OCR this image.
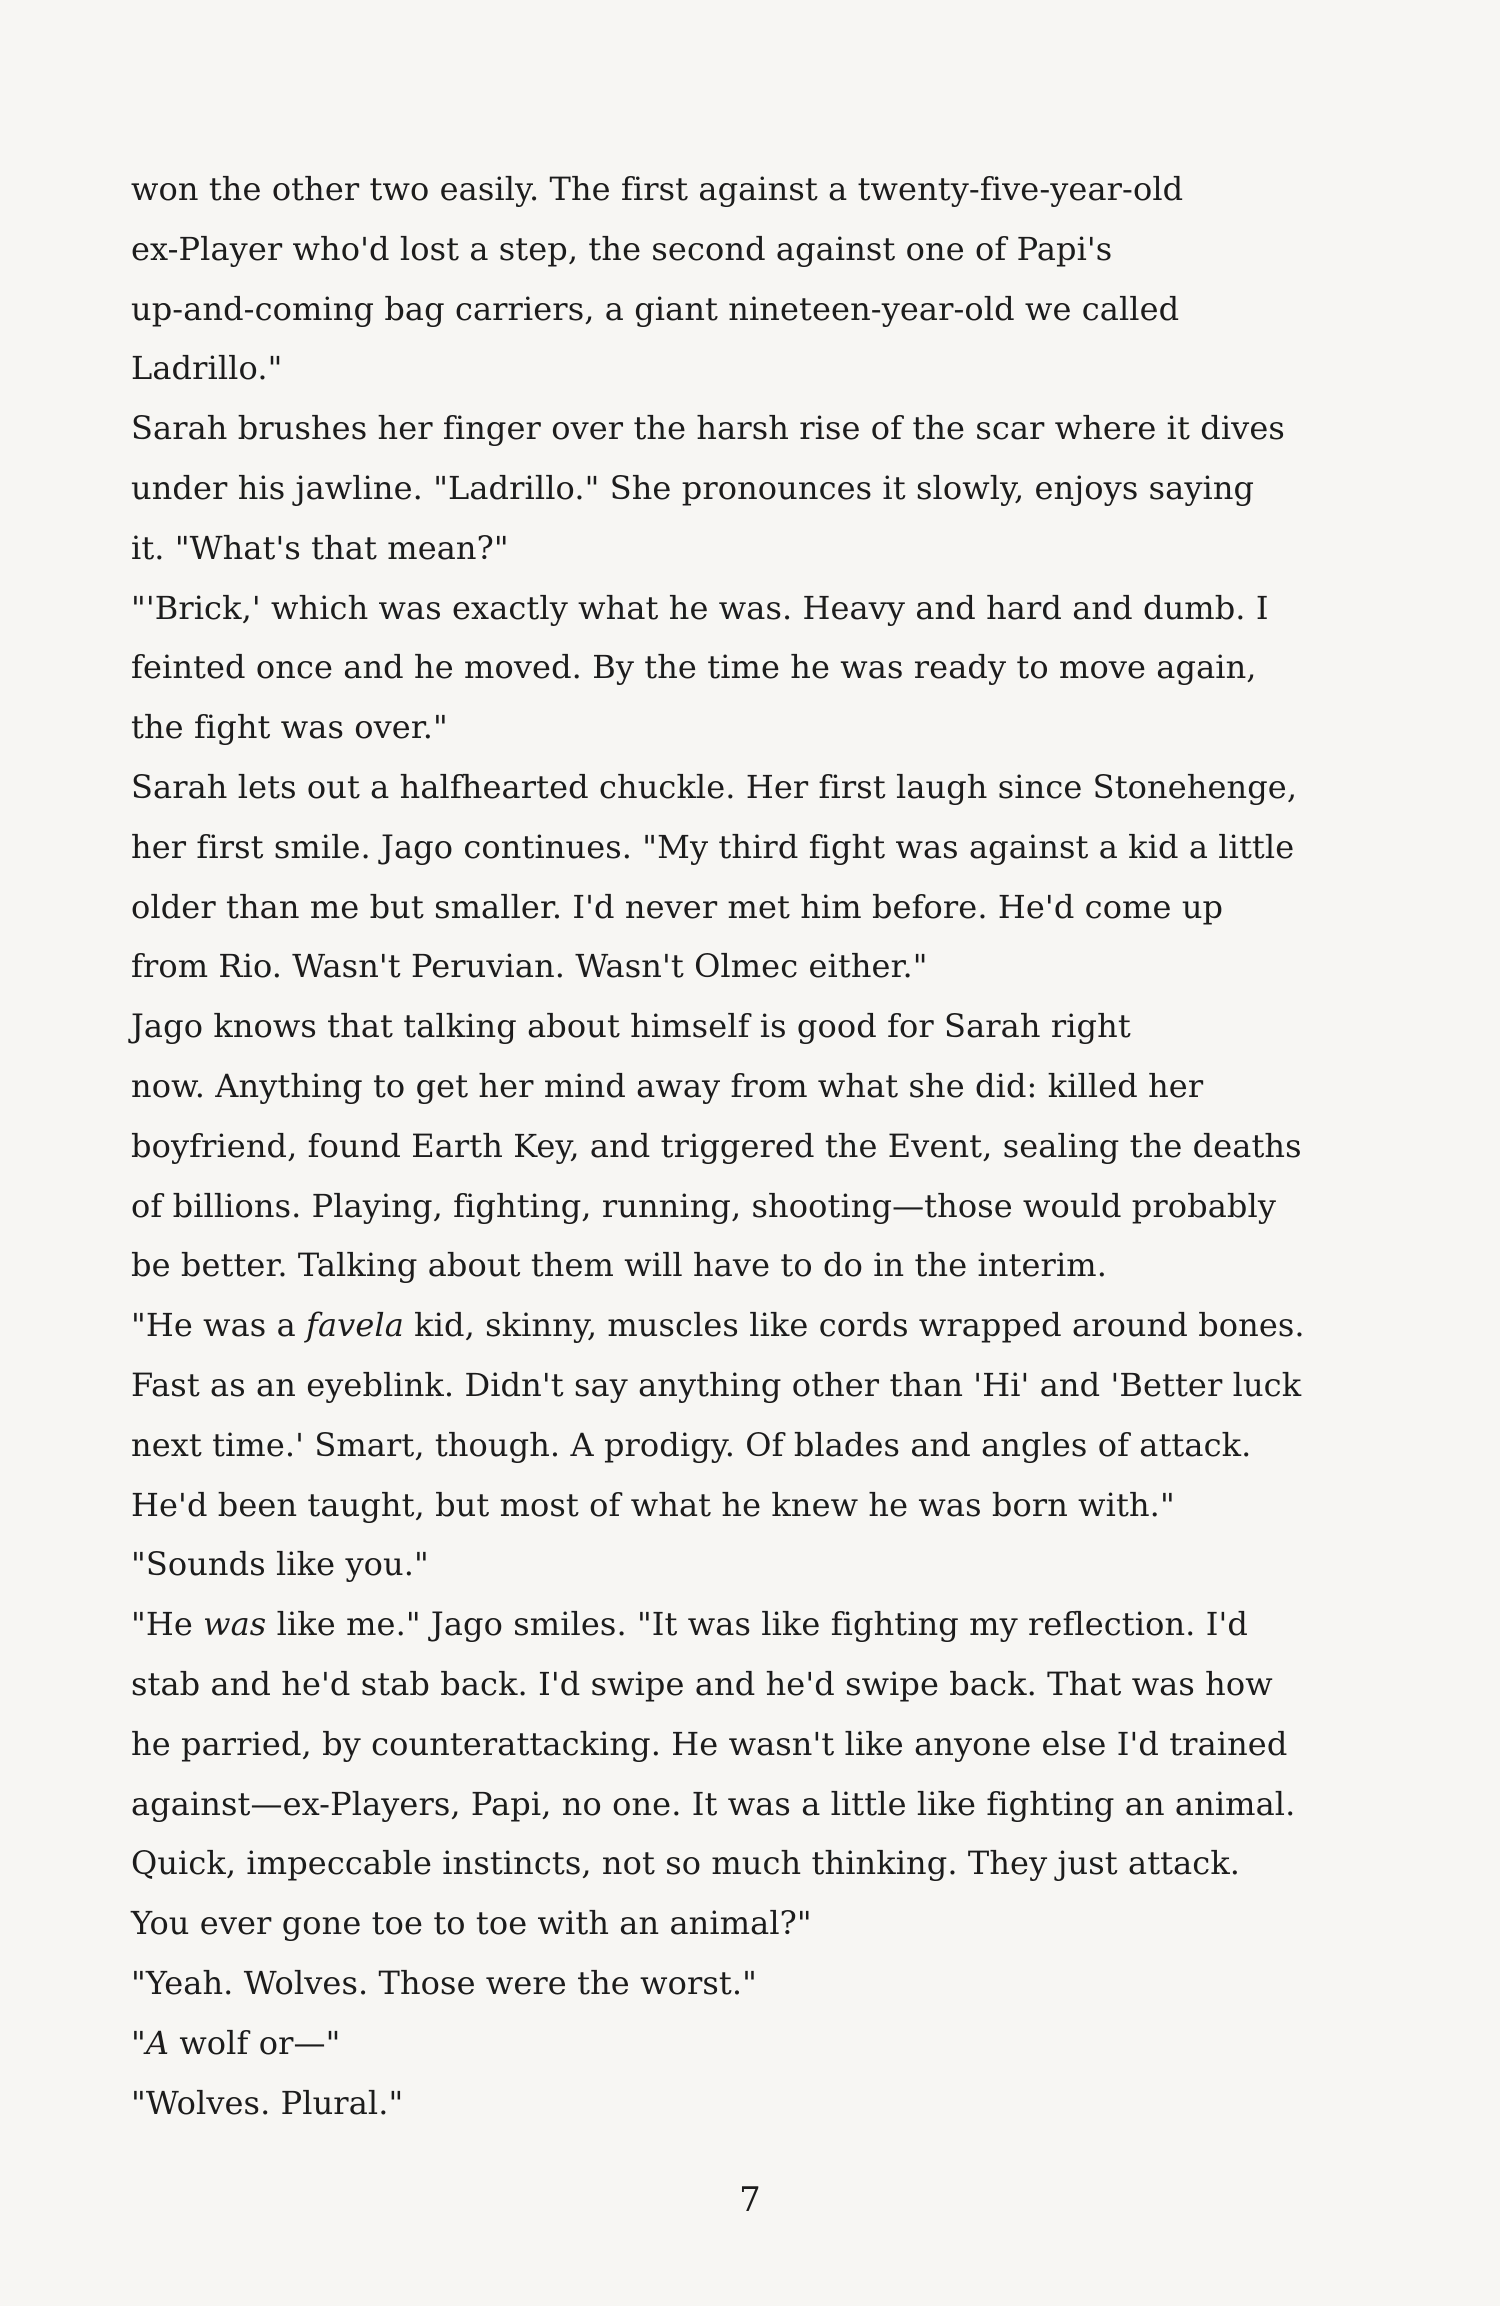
won the other two easily. The first against a twenty-five-year-old
ex-Player who'd lost a step, the second against one of Papi's
up-and-coming bag carriers, a giant nineteen-year-old we called
Ladrillo."
Sarah brushes her finger over the harsh rise of the scar where it dives
under his jawline. "Ladrillo." She pronounces it slowly, enjoys saying
it. "What's that mean?"
"'Brick,' which was exactly what he was. Heavy and hard and dumb. I
feinted once and he moved. By the time he was ready to move again,
the fight was over."
Sarah lets out a halfhearted chuckle. Her first laugh since Stonehenge,
her first smile. Jago continues. "My third fight was against a kid a little
older than me but smaller. I'd never met him before. He'd come up
from Rio. Wasn't Peruvian. Wasn't Olmec either."
Jago knows that talking about himself is good for Sarah right
now. Anything to get her mind away from what she did: killed her
boyfriend, found Earth Key, and triggered the Event, sealing the deaths
of billions. Playing, fighting, running, shooting—those would probably
be better. Talking about them will have to do in the interim.
"He was a favela kid, skinny, muscles like cords wrapped around bones.
Fast as an eyeblink. Didn't say anything other than 'Hi' and 'Better luck
next time.' Smart, though. A prodigy. Of blades and angles of attack.
He'd been taught, but most of what he knew he was born with."
"Sounds like you."
"He was like me." Jago smiles. "It was like fighting my reflection. I'd
stab and he'd stab back. I'd swipe and he'd swipe back. That was how
he parried, by counterattacking. He wasn't like anyone else I'd trained
against—ex-Players, Papi, no one. It was a little like fighting an animal.
Quick, impeccable instincts, not so much thinking. They just attack.
You ever gone toe to toe with an animal?"
"Yeah. Wolves. Those were the worst."
"A wolf or—"
"Wolves. Plural."
7
